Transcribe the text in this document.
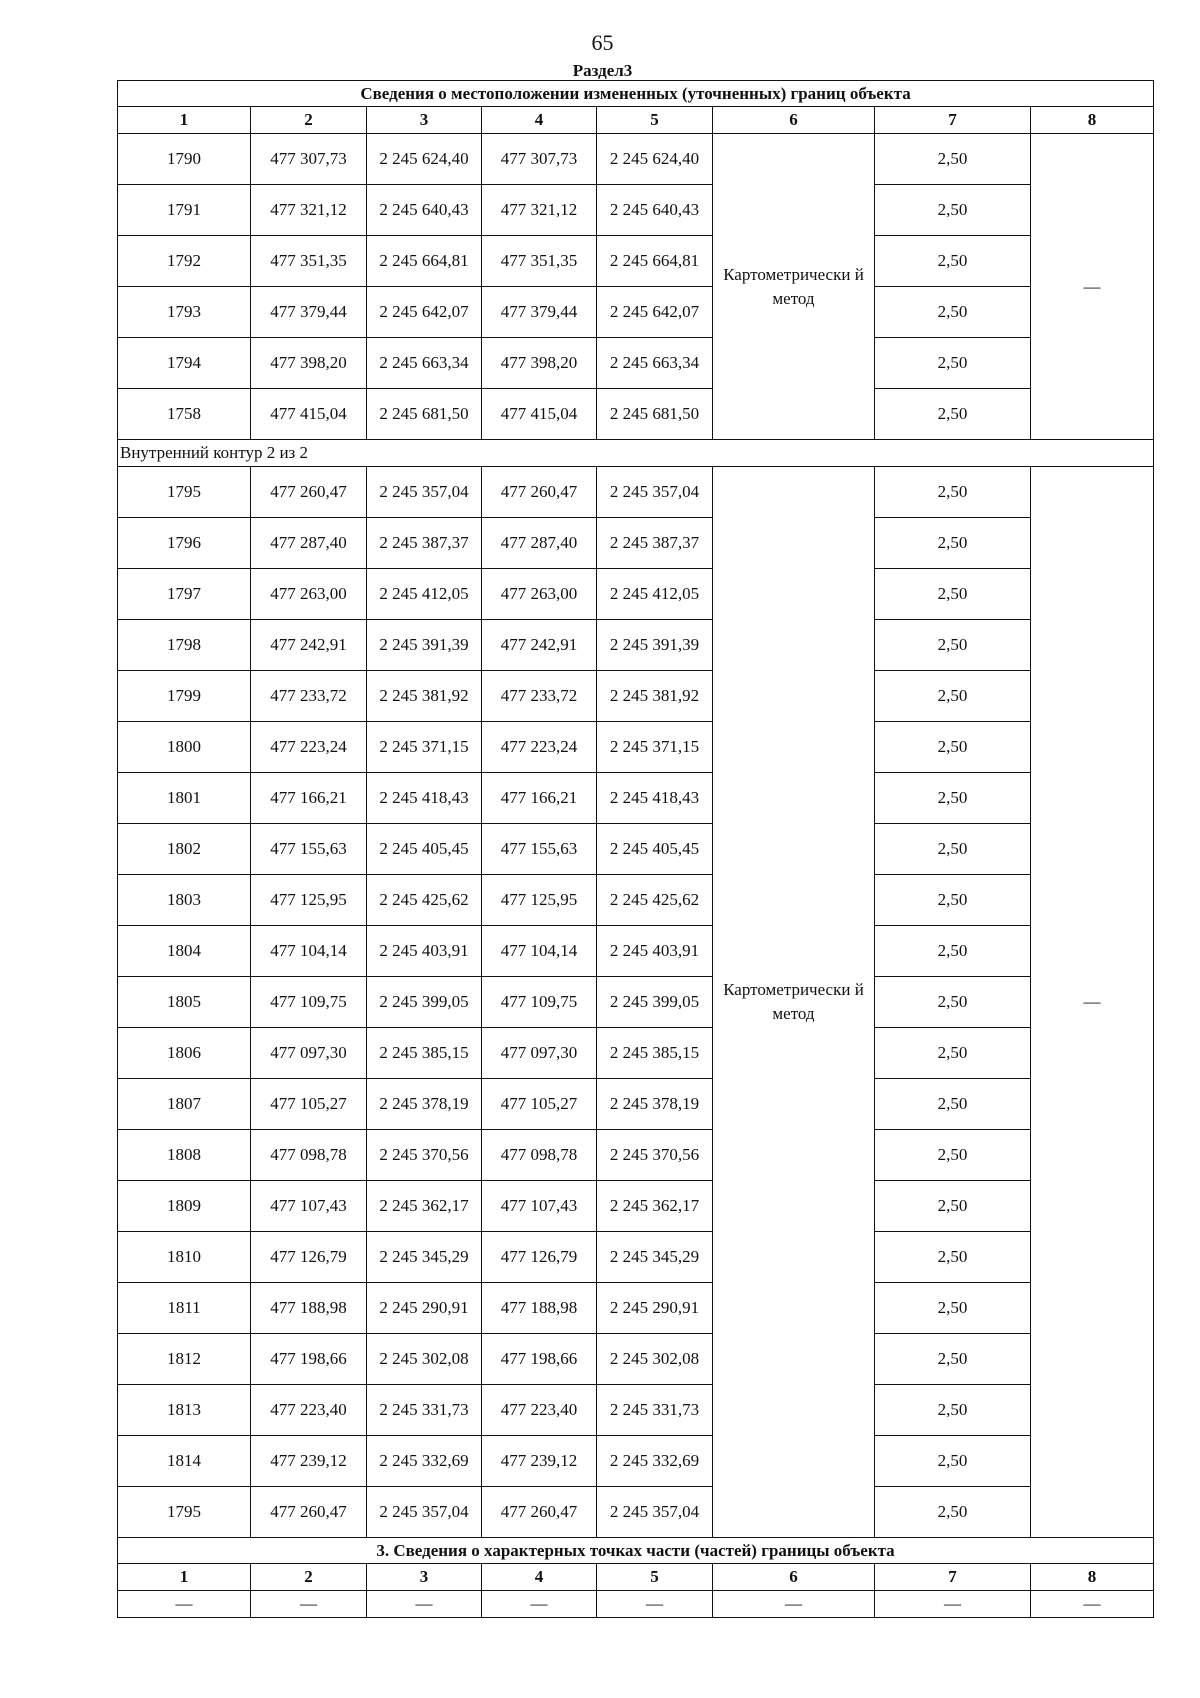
65
Раздел3
Сведения о местоположении измененных (уточненных) границ объекта							
1	2	3	4	5	6	7	8
1790	477 307,73	2 245 624,40	477 307,73	2 245 624,40	Картометрически й метод	2,50	—
1791	477 321,12	2 245 640,43	477 321,12	2 245 640,43		2,50	
1792	477 351,35	2 245 664,81	477 351,35	2 245 664,81		2,50	
1793	477 379,44	2 245 642,07	477 379,44	2 245 642,07		2,50	
1794	477 398,20	2 245 663,34	477 398,20	2 245 663,34		2,50	
1758	477 415,04	2 245 681,50	477 415,04	2 245 681,50		2,50	
Внутренний контур 2 из 2							
1795	477 260,47	2 245 357,04	477 260,47	2 245 357,04	Картометрически й метод	2,50	—
1796	477 287,40	2 245 387,37	477 287,40	2 245 387,37		2,50	
1797	477 263,00	2 245 412,05	477 263,00	2 245 412,05		2,50	
1798	477 242,91	2 245 391,39	477 242,91	2 245 391,39		2,50	
1799	477 233,72	2 245 381,92	477 233,72	2 245 381,92		2,50	
1800	477 223,24	2 245 371,15	477 223,24	2 245 371,15		2,50	
1801	477 166,21	2 245 418,43	477 166,21	2 245 418,43		2,50	
1802	477 155,63	2 245 405,45	477 155,63	2 245 405,45		2,50	
1803	477 125,95	2 245 425,62	477 125,95	2 245 425,62		2,50	
1804	477 104,14	2 245 403,91	477 104,14	2 245 403,91		2,50	
1805	477 109,75	2 245 399,05	477 109,75	2 245 399,05		2,50	
1806	477 097,30	2 245 385,15	477 097,30	2 245 385,15		2,50	
1807	477 105,27	2 245 378,19	477 105,27	2 245 378,19		2,50	
1808	477 098,78	2 245 370,56	477 098,78	2 245 370,56		2,50	
1809	477 107,43	2 245 362,17	477 107,43	2 245 362,17		2,50	
1810	477 126,79	2 245 345,29	477 126,79	2 245 345,29		2,50	
1811	477 188,98	2 245 290,91	477 188,98	2 245 290,91		2,50	
1812	477 198,66	2 245 302,08	477 198,66	2 245 302,08		2,50	
1813	477 223,40	2 245 331,73	477 223,40	2 245 331,73		2,50	
1814	477 239,12	2 245 332,69	477 239,12	2 245 332,69		2,50	
1795	477 260,47	2 245 357,04	477 260,47	2 245 357,04		2,50	
3. Сведения о характерных точках части (частей) границы объекта							
1	2	3	4	5	6	7	8
—	—	—	—	—	—	—	—
